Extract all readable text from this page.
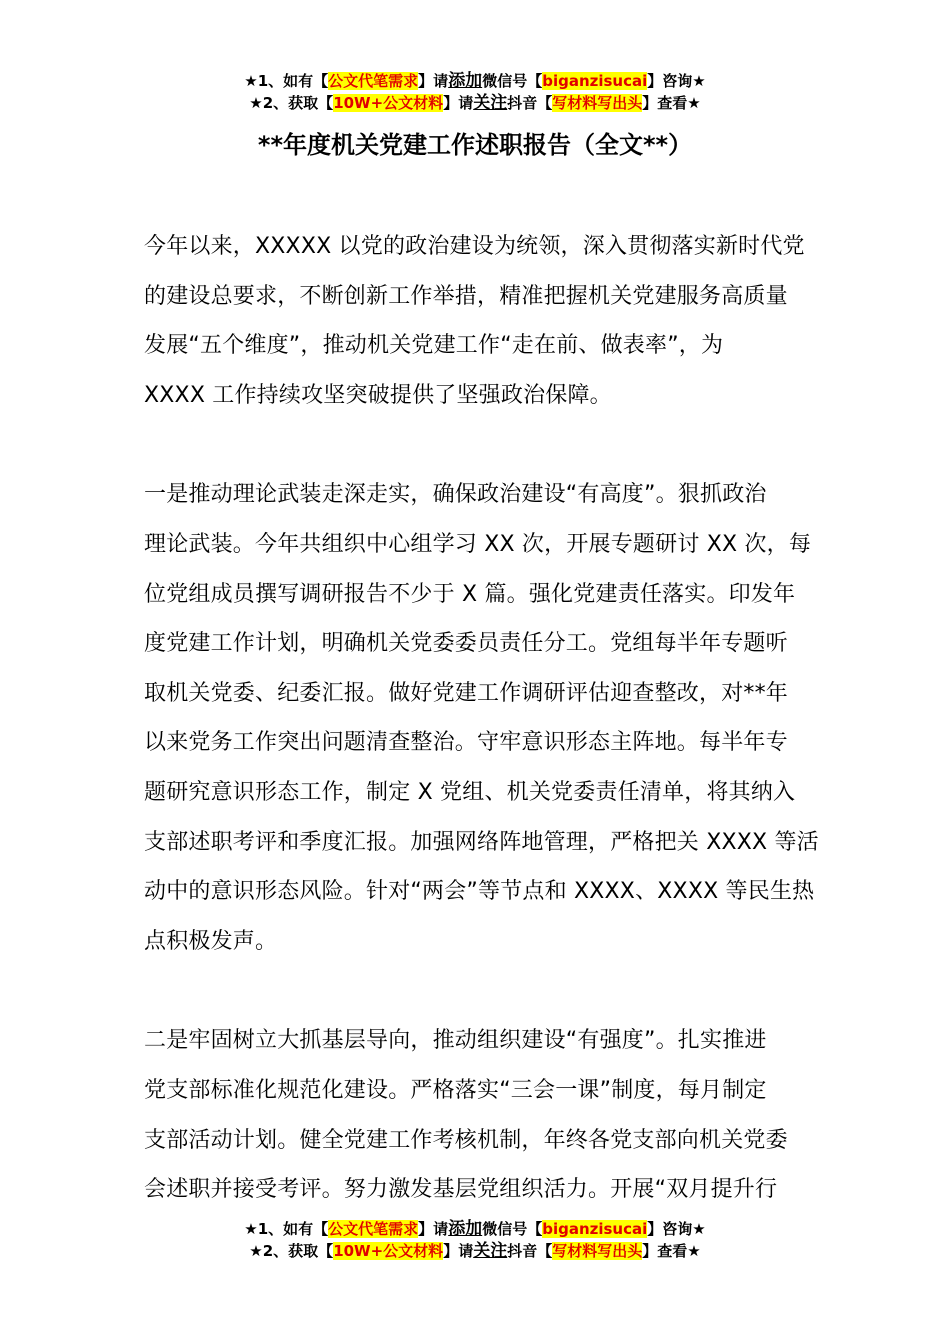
★1、如有【公文代笔需求】请添加微信号【biganzisucai】咨询★
★2、获取【10W+公文材料】请关注抖音【写材料写出头】查看★
**年度机关党建工作述职报告（全文**）

今年以来，XXXXX 以党的政治建设为统领，深入贯彻落实新时代党
的建设总要求，不断创新工作举措，精准把握机关党建服务高质量
发展“五个维度”，推动机关党建工作“走在前、做表率”，为
XXXX 工作持续攻坚突破提供了坚强政治保障。

一是推动理论武装走深走实，确保政治建设“有高度”。狠抓政治
理论武装。今年共组织中心组学习 XX 次，开展专题研讨 XX 次，每
位党组成员撰写调研报告不少于 X 篇。强化党建责任落实。印发年
度党建工作计划，明确机关党委委员责任分工。党组每半年专题听
取机关党委、纪委汇报。做好党建工作调研评估迎查整改，对**年
以来党务工作突出问题清查整治。守牢意识形态主阵地。每半年专
题研究意识形态工作，制定 X 党组、机关党委责任清单，将其纳入
支部述职考评和季度汇报。加强网络阵地管理，严格把关 XXXX 等活
动中的意识形态风险。针对“两会”等节点和 XXXX、XXXX 等民生热
点积极发声。

二是牢固树立大抓基层导向，推动组织建设“有强度”。扎实推进
党支部标准化规范化建设。严格落实“三会一课”制度，每月制定
支部活动计划。健全党建工作考核机制，年终各党支部向机关党委
会述职并接受考评。努力激发基层党组织活力。开展“双月提升行

★1、如有【公文代笔需求】请添加微信号【biganzisucai】咨询★
★2、获取【10W+公文材料】请关注抖音【写材料写出头】查看★
